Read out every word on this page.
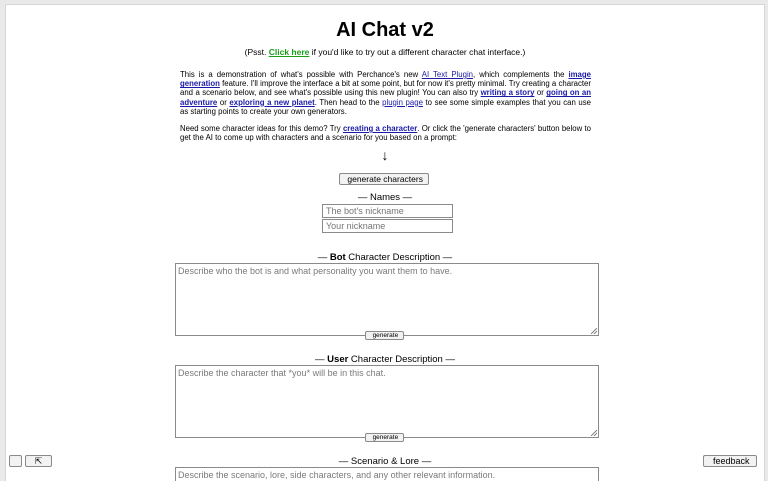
AI Chat v2
(Psst. Click here if you'd like to try out a different character chat interface.)
This is a demonstration of what's possible with Perchance's new AI Text Plugin, which complements the image generation feature. I'll improve the interface a bit at some point, but for now it's pretty minimal. Try creating a character and a scenario below, and see what's possible using this new plugin! You can also try writing a story or going on an adventure or exploring a new planet. Then head to the plugin page to see some simple examples that you can use as starting points to create your own generators.
Need some character ideas for this demo? Try creating a character. Or click the 'generate characters' button below to get the AI to come up with characters and a scenario for you based on a prompt:
↓

generate characters
— Names —
The bot's nickname
Your nickname
— Bot Character Description —
Describe who the bot is and what personality you want them to have.

generate
— User Character Description —
Describe the character that *you* will be in this chat.

generate
— Scenario & Lore —
Describe the scenario, lore, side characters, and any other relevant information.
⇱
	feedback
